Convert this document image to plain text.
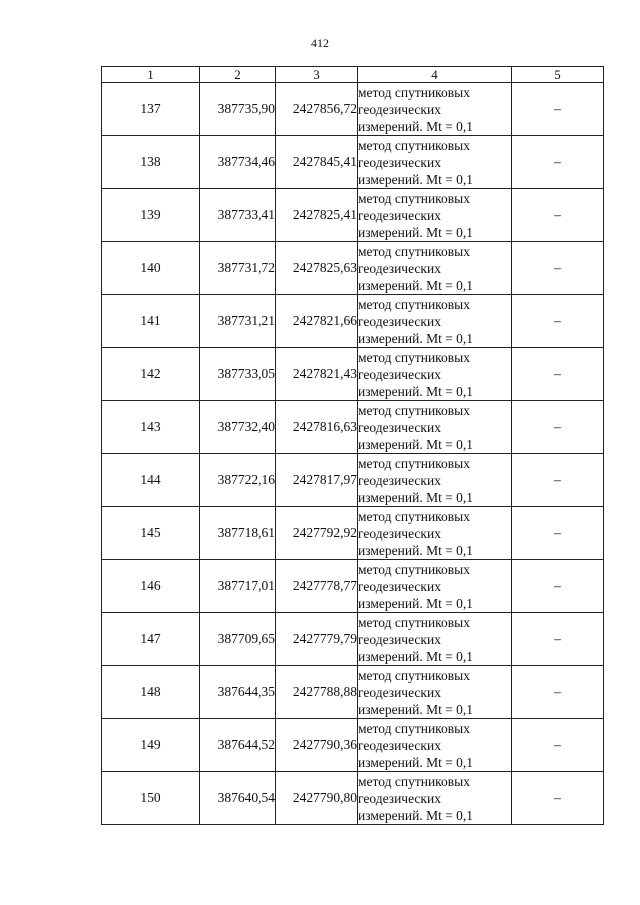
412
1	2	3	4	5
137	387735,90	2427856,72	метод спутниковых
геодезических
измерений. Mt = 0,1	–
138	387734,46	2427845,41	метод спутниковых
геодезических
измерений. Mt = 0,1	–
139	387733,41	2427825,41	метод спутниковых
геодезических
измерений. Mt = 0,1	–
140	387731,72	2427825,63	метод спутниковых
геодезических
измерений. Mt = 0,1	–
141	387731,21	2427821,66	метод спутниковых
геодезических
измерений. Mt = 0,1	–
142	387733,05	2427821,43	метод спутниковых
геодезических
измерений. Mt = 0,1	–
143	387732,40	2427816,63	метод спутниковых
геодезических
измерений. Mt = 0,1	–
144	387722,16	2427817,97	метод спутниковых
геодезических
измерений. Mt = 0,1	–
145	387718,61	2427792,92	метод спутниковых
геодезических
измерений. Mt = 0,1	–
146	387717,01	2427778,77	метод спутниковых
геодезических
измерений. Mt = 0,1	–
147	387709,65	2427779,79	метод спутниковых
геодезических
измерений. Mt = 0,1	–
148	387644,35	2427788,88	метод спутниковых
геодезических
измерений. Mt = 0,1	–
149	387644,52	2427790,36	метод спутниковых
геодезических
измерений. Mt = 0,1	–
150	387640,54	2427790,80	метод спутниковых
геодезических
измерений. Mt = 0,1	–
